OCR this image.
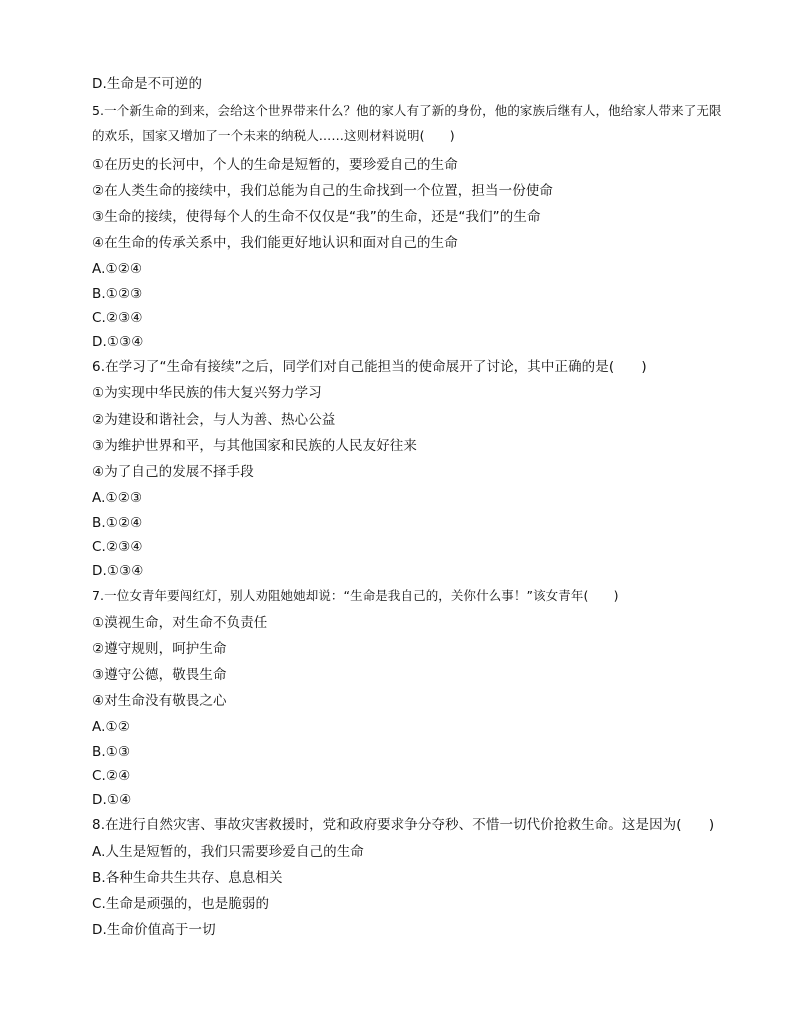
D.生命是不可逆的
5.一个新生命的到来，会给这个世界带来什么？他的家人有了新的身份，他的家族后继有人，他给家人带来了无限的欢乐，国家又增加了一个未来的纳税人……这则材料说明(　　)
①在历史的长河中，个人的生命是短暂的，要珍爱自己的生命
②在人类生命的接续中，我们总能为自己的生命找到一个位置，担当一份使命
③生命的接续，使得每个人的生命不仅仅是“我”的生命，还是“我们”的生命
④在生命的传承关系中，我们能更好地认识和面对自己的生命
A.①②④
B.①②③
C.②③④
D.①③④
6.在学习了“生命有接续”之后，同学们对自己能担当的使命展开了讨论，其中正确的是(　　)
①为实现中华民族的伟大复兴努力学习
②为建设和谐社会，与人为善、热心公益
③为维护世界和平，与其他国家和民族的人民友好往来
④为了自己的发展不择手段
A.①②③
B.①②④
C.②③④
D.①③④
7.一位女青年要闯红灯，别人劝阻她她却说：“生命是我自己的，关你什么事！”该女青年(　　)
①漠视生命，对生命不负责任
②遵守规则，呵护生命
③遵守公德，敬畏生命
④对生命没有敬畏之心
A.①②
B.①③
C.②④
D.①④
8.在进行自然灾害、事故灾害救援时，党和政府要求争分夺秒、不惜一切代价抢救生命。这是因为(　　)
A.人生是短暂的，我们只需要珍爱自己的生命
B.各种生命共生共存、息息相关
C.生命是顽强的，也是脆弱的
D.生命价值高于一切
